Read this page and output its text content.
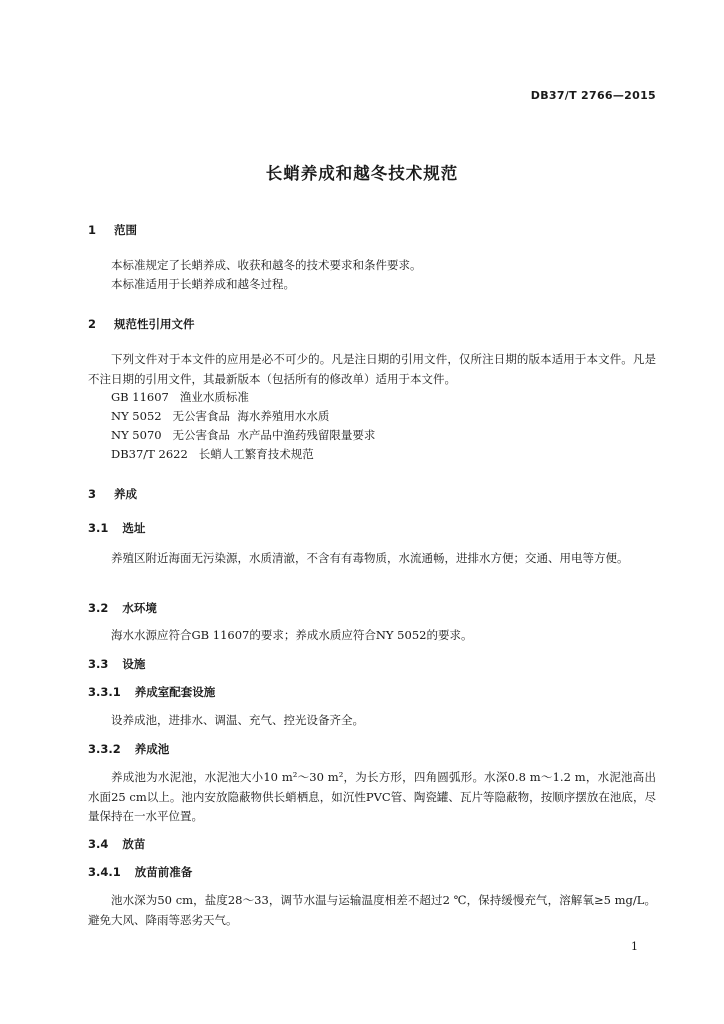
DB37/T 2766—2015
长蛸养成和越冬技术规范
1 范围
本标准规定了长蛸养成、收获和越冬的技术要求和条件要求。
本标准适用于长蛸养成和越冬过程。
2 规范性引用文件
下列文件对于本文件的应用是必不可少的。凡是注日期的引用文件，仅所注日期的版本适用于本文件。凡是不注日期的引用文件，其最新版本（包括所有的修改单）适用于本文件。
GB 11607   渔业水质标准
NY 5052   无公害食品  海水养殖用水水质
NY 5070   无公害食品  水产品中渔药残留限量要求
DB37/T 2622   长蛸人工繁育技术规范
3 养成
3.1 选址
养殖区附近海面无污染源，水质清澈，不含有有毒物质，水流通畅，进排水方便；交通、用电等方便。
3.2 水环境
海水水源应符合GB 11607的要求；养成水质应符合NY 5052的要求。
3.3 设施
3.3.1 养成室配套设施
设养成池，进排水、调温、充气、控光设备齐全。
3.3.2 养成池
养成池为水泥池，水泥池大小10 m²～30 m²，为长方形，四角圆弧形。水深0.8 m～1.2 m，水泥池高出水面25 cm以上。池内安放隐蔽物供长蛸栖息，如沉性PVC管、陶瓷罐、瓦片等隐蔽物，按顺序摆放在池底，尽量保持在一水平位置。
3.4 放苗
3.4.1 放苗前准备
池水深为50 cm，盐度28～33，调节水温与运输温度相差不超过2 ℃，保持缓慢充气，溶解氧≥5 mg/L。避免大风、降雨等恶劣天气。
1
